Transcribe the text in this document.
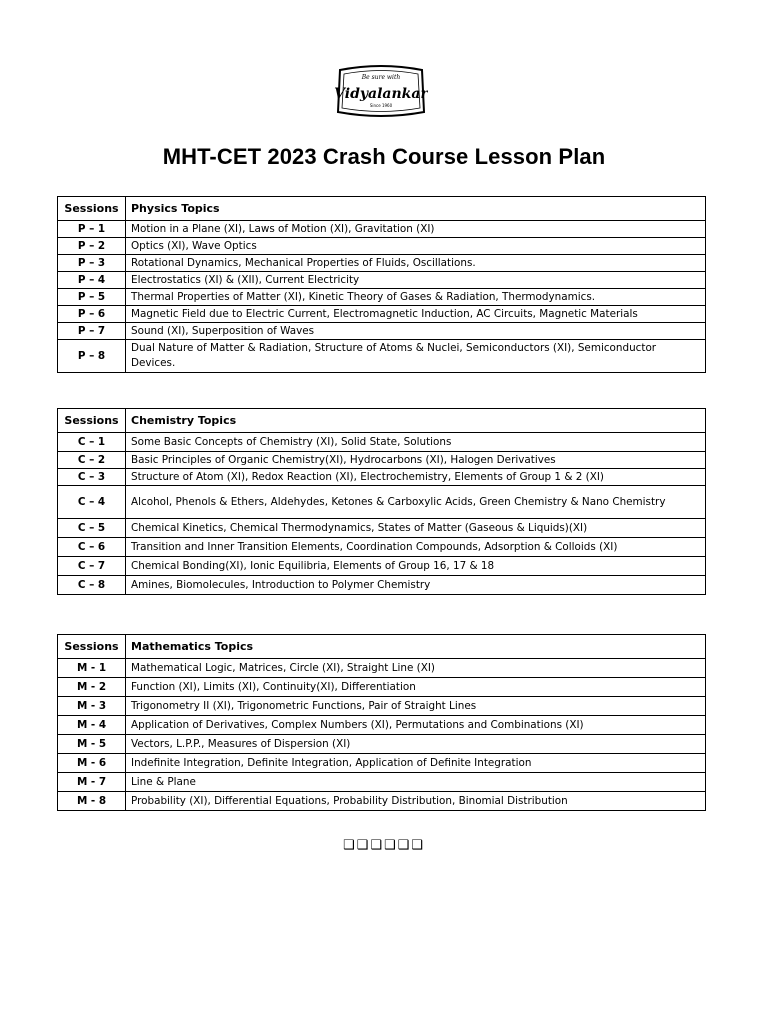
Be sure with
Vidyalankar
Since 1960
MHT-CET 2023 Crash Course Lesson Plan
Sessions	Physics Topics
P – 1	Motion in a Plane (XI), Laws of Motion (XI), Gravitation (XI)
P – 2	Optics (XI), Wave Optics
P – 3	Rotational Dynamics, Mechanical Properties of Fluids, Oscillations.
P – 4	Electrostatics (XI) & (XII), Current Electricity
P – 5	Thermal Properties of Matter (XI), Kinetic Theory of Gases & Radiation, Thermodynamics.
P – 6	Magnetic Field due to Electric Current, Electromagnetic Induction, AC Circuits, Magnetic Materials
P – 7	Sound (XI), Superposition of Waves
P – 8	Dual Nature of Matter & Radiation, Structure of Atoms & Nuclei, Semiconductors (XI), Semiconductor Devices.
Sessions	Chemistry Topics
C – 1	Some Basic Concepts of Chemistry (XI), Solid State, Solutions
C – 2	Basic Principles of Organic Chemistry(XI), Hydrocarbons (XI), Halogen Derivatives
C – 3	Structure of Atom (XI), Redox Reaction (XI), Electrochemistry, Elements of Group 1 & 2 (XI)
C – 4	Alcohol, Phenols & Ethers, Aldehydes, Ketones & Carboxylic Acids, Green Chemistry & Nano Chemistry
C – 5	Chemical Kinetics, Chemical Thermodynamics, States of Matter (Gaseous & Liquids)(XI)
C – 6	Transition and Inner Transition Elements, Coordination Compounds, Adsorption & Colloids (XI)
C – 7	Chemical Bonding(XI), Ionic Equilibria, Elements of Group 16, 17 & 18
C – 8	Amines, Biomolecules, Introduction to Polymer Chemistry
Sessions	Mathematics Topics
M - 1	Mathematical Logic, Matrices, Circle (XI), Straight Line (XI)
M - 2	Function (XI), Limits (XI), Continuity(XI), Differentiation
M - 3	Trigonometry II (XI), Trigonometric Functions, Pair of Straight Lines
M - 4	Application of Derivatives, Complex Numbers (XI), Permutations and Combinations (XI)
M - 5	Vectors, L.P.P., Measures of Dispersion (XI)
M - 6	Indefinite Integration, Definite Integration, Application of Definite Integration
M - 7	Line & Plane
M - 8	Probability (XI), Differential Equations, Probability Distribution, Binomial Distribution
❑❑❑❑❑❑
